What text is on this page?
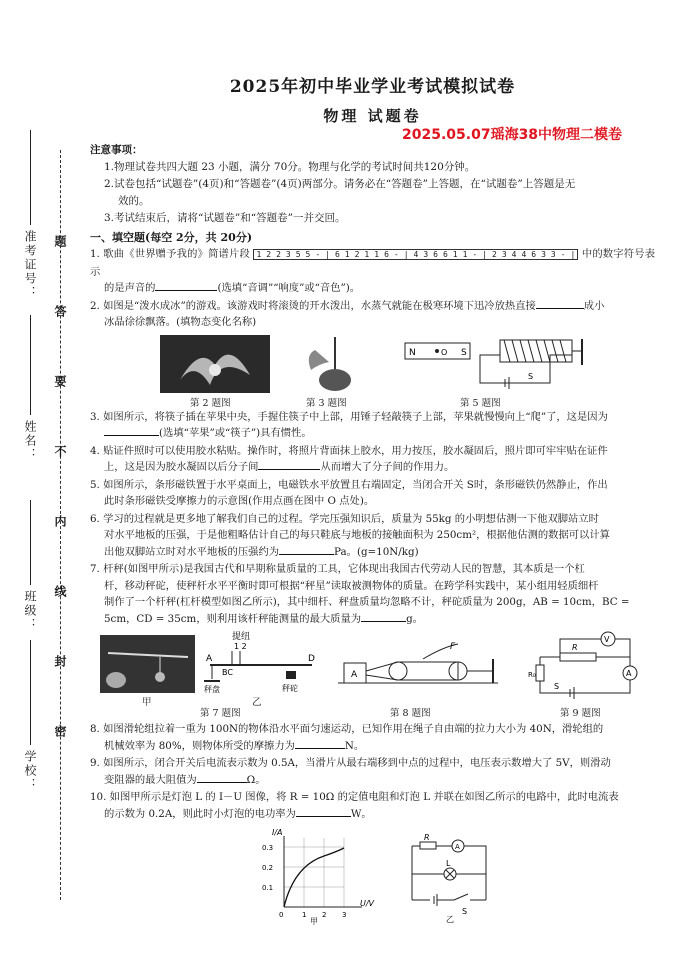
准考证号：
姓名：
班级：
学校： 题答要不内线封密
2025年初中毕业学业考试模拟试卷
物理 试题卷
2025.05.07瑶海38中物理二模卷
注意事项：
1.物理试卷共四大题 23 小题，满分 70分。物理与化学的考试时间共120分钟。
2.试卷包括“试题卷”(4页)和“答题卷”(4页)两部分。请务必在“答题卷”上答题，在“试题卷”上答题是无
效的。
3.考试结束后，请将“试题卷”和“答题卷”一并交回。
一、填空题(每空 2分，共 20分)
1. 歌曲《世界赠予我的》简谱片段 1 2 2 3 5 5 - | 6 1 2 1 1 6 - | 4 3 6 6 1 1 - | 2 3 4 4 6 3 3 - | 中的数字符号表示
的是声音的	(选填“音调”“响度”或“音色”)。
2. 如图是“泼水成冰”的游戏。该游戏时将滚烫的开水泼出，水蒸气就能在极寒环境下迅冷放热直接	成小
冰晶徐徐飘落。(填物态变化名称)
第 2 题图	第 3 题图
N	O S
S
第 5 题图
3. 如图所示，将筷子插在苹果中央，手握住筷子中上部，用锤子轻敲筷子上部，苹果就慢慢向上“爬”了，这是因为
(选填“苹果”或“筷子”)具有惯性。
4. 贴证件照时可以使用胶水粘贴。操作时，将照片背面抹上胶水，用力按压，胶水凝固后，照片即可牢牢贴在证件
上，这是因为胶水凝固以后分子间	从而增大了分子间的作用力。
5. 如图所示，条形磁铁置于水平桌面上，电磁铁水平放置且右端固定，当闭合开关 S时，条形磁铁仍然静止，作出
此时条形磁铁受摩擦力的示意图(作用点画在图中 O 点处)。
6. 学习的过程就是更多地了解我们自己的过程。学完压强知识后，质量为 55kg 的小明想估测一下他双脚站立时
对水平地板的压强，于是他粗略估计自己的每只鞋底与地板的接触面积为 250cm²，根据他估测的数据可以计算
出他双脚站立时对水平地板的压强约为	Pa。(g=10N/kg)
7. 杆秤(如图甲所示)是我国古代和早期称量质量的工具，它体现出我国古代劳动人民的智慧，其本质是一个杠
杆，移动秤砣，使秤杆水平平衡时即可根据“秤星”读取被测物体的质量。在跨学科实践中，某小组用轻质细杆
制作了一个杆秤(杠杆模型如图乙所示)，其中细杆、秤盘质量均忽略不计，秤砣质量为 200g，AB = 10cm，BC =
5cm，CD = 35cm，则利用该杆秤能测量的最大质量为	g。
甲
提纽
1 2
A	D
BC
秤盘	秤砣
乙
第 7 题图
A
F
第 8 题图
V
R
A
R₀
S
第 9 题图
8. 如图滑轮组拉着一重为 100N的物体沿水平面匀速运动，已知作用在绳子自由端的拉力大小为 40N，滑轮组的
机械效率为 80%，则物体所受的摩擦力为	N。
9. 如图所示，闭合开关后电流表示数为 0.5A，当滑片从最右端移到中点的过程中，电压表示数增大了 5V，则滑动
变阻器的最大阻值为	Ω。
10. 如图甲所示是灯泡 L 的 I－U 图像，将 R = 10Ω 的定值电阻和灯泡 L 并联在如图乙所示的电路中，此时电流表
的示数为 0.2A，则此时小灯泡的电功率为	W。
I/A
0.3
0.2
0.1
0	1 2 3
U/V
甲
R
A
L
S
乙
